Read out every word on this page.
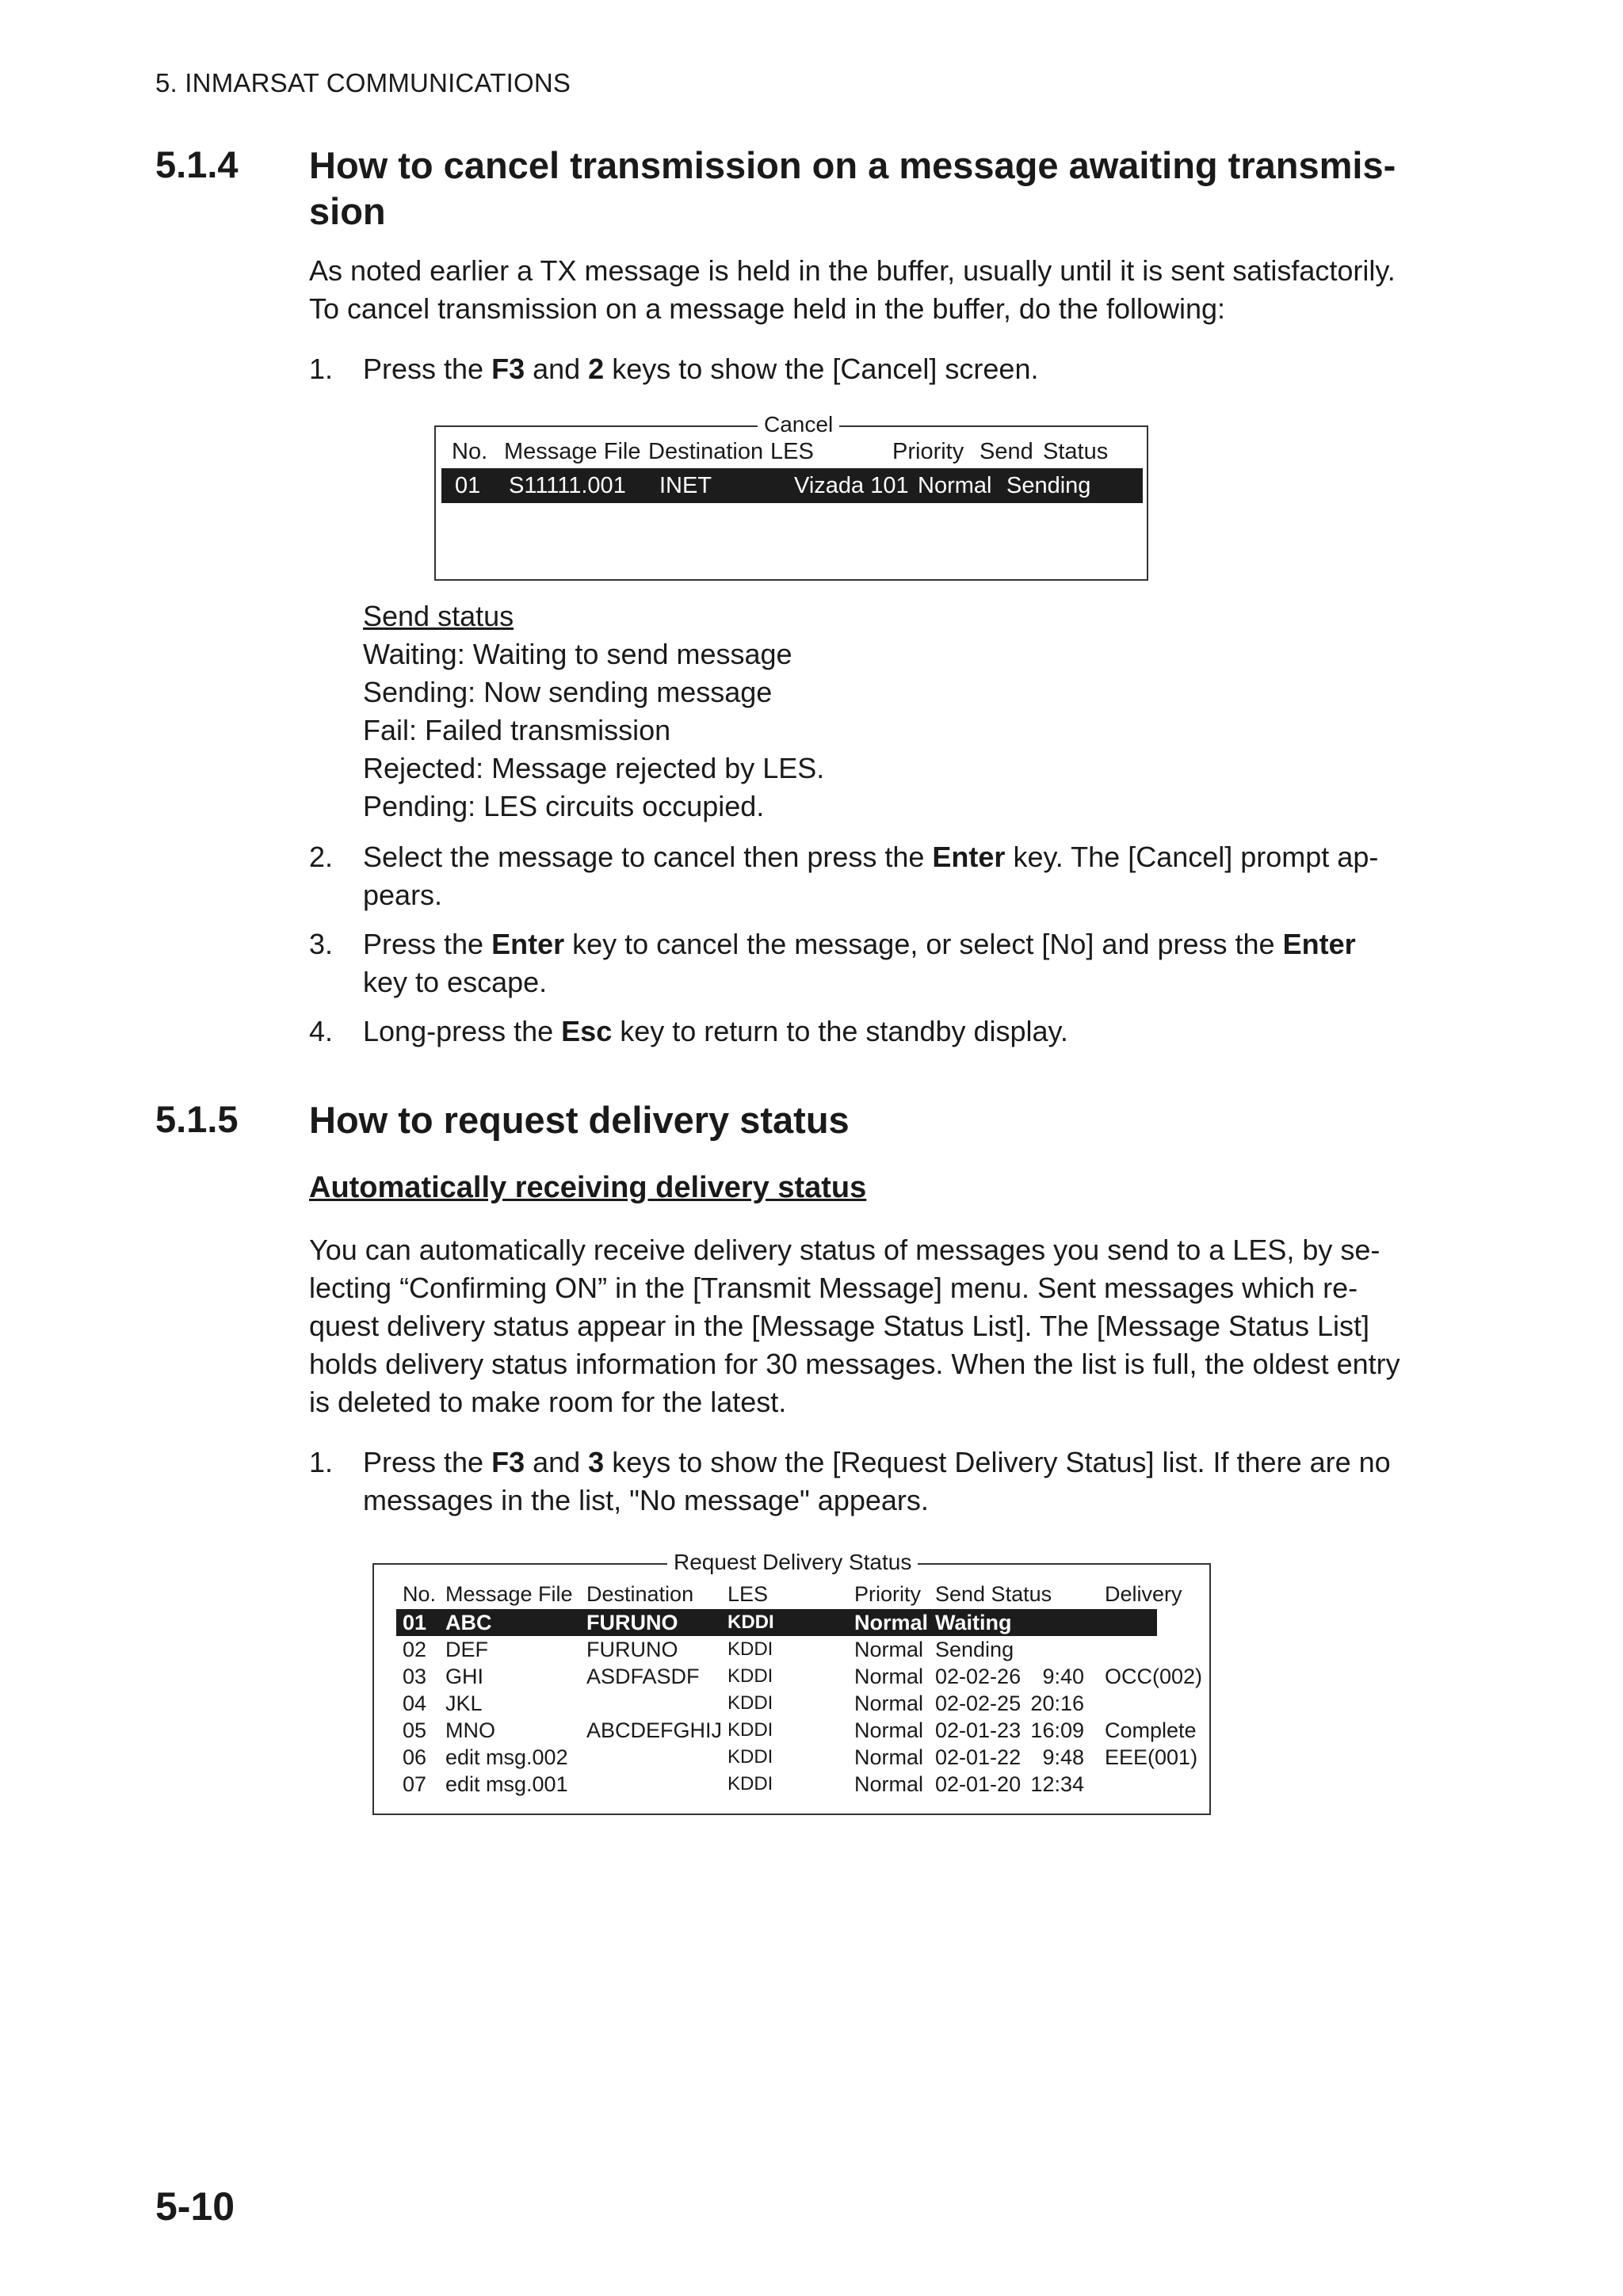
5. INMARSAT COMMUNICATIONS
5.1.4 How to cancel transmission on a message awaiting transmis-
sion
As noted earlier a TX message is held in the buffer, usually until it is sent satisfactorily.
To cancel transmission on a message held in the buffer, do the following:
1. Press the F3 and 2 keys to show the [Cancel] screen.
Cancel
No. Message File Destination LES	Priority Send Status
01 S11111.001 INET	Vizada 101 Normal Sending
Send status
Waiting: Waiting to send message
Sending: Now sending message
Fail: Failed transmission
Rejected: Message rejected by LES.
Pending: LES circuits occupied.
2. Select the message to cancel then press the Enter key. The [Cancel] prompt ap-
pears.
3. Press the Enter key to cancel the message, or select [No] and press the Enter
key to escape.
4. Long-press the Esc key to return to the standby display.
5.1.5 How to request delivery status
Automatically receiving delivery status
You can automatically receive delivery status of messages you send to a LES, by se-
lecting “Confirming ON” in the [Transmit Message] menu. Sent messages which re-
quest delivery status appear in the [Message Status List]. The [Message Status List]
holds delivery status information for 30 messages. When the list is full, the oldest entry
is deleted to make room for the latest.
1. Press the F3 and 3 keys to show the [Request Delivery Status] list. If there are no
messages in the list, "No message" appears.
Request Delivery Status
No. Message File Destination LES	Priority Send Status Delivery
01 ABC	FURUNO	KDDI	Normal Waiting
02 DEF	FURUNO	KDDI	Normal Sending
03 GHI	ASDFASDF KDDI	Normal 02-02-26 9:40 OCC(002)
04 JKL	KDDI	Normal 02-02-25 20:16
05 MNO	ABCDEFGHIJ KDDI	Normal 02-01-23 16:09 Complete
06 edit msg.002	KDDI	Normal 02-01-22 9:48 EEE(001)
07 edit msg.001	KDDI	Normal 02-01-20 12:34
5-10
